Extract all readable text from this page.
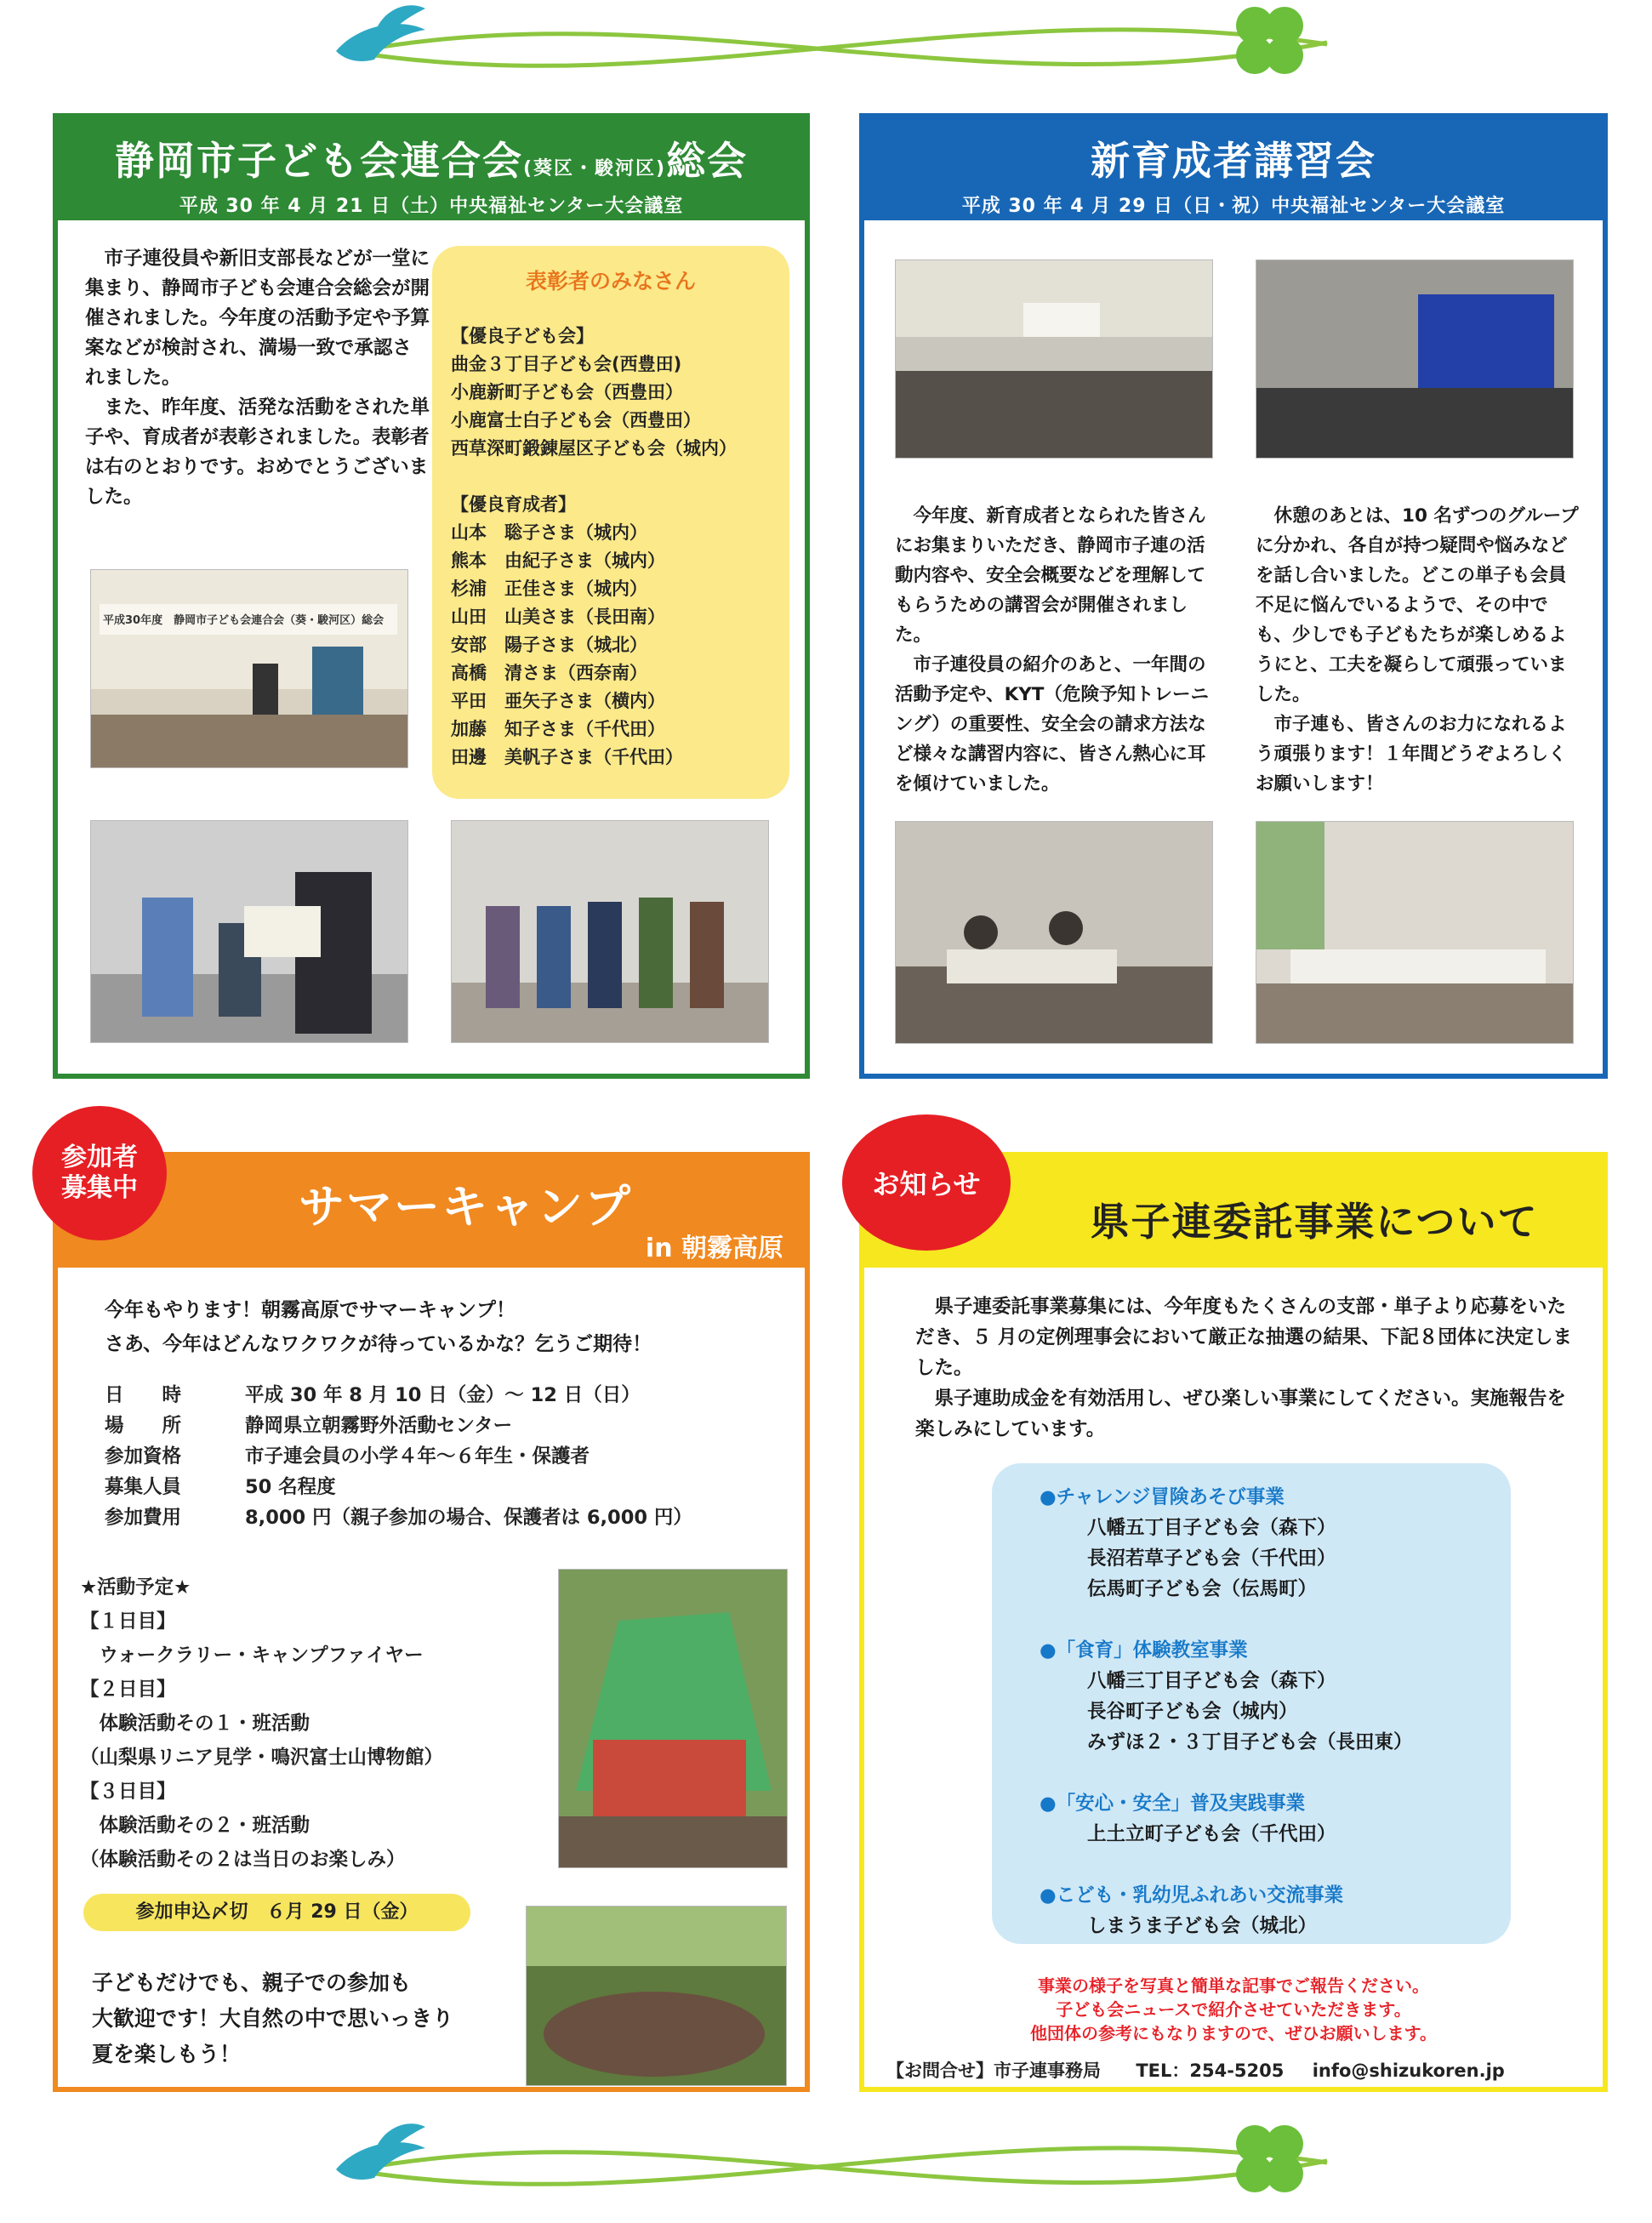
静岡市子ども会連合会(葵区・駿河区)総会
平成 30 年 4 月 21 日（土）中央福祉センター大会議室
　市子連役員や新旧支部長などが一堂に集まり、静岡市子ども会連合会総会が開催されました。今年度の活動予定や予算案などが検討され、満場一致で承認されました。
　また、昨年度、活発な活動をされた単子や、育成者が表彰されました。表彰者は右のとおりです。おめでとうございました。
表彰者のみなさん
【優良子ども会】
曲金３丁目子ども会(西豊田)
小鹿新町子ども会（西豊田）
小鹿富士白子ども会（西豊田）
西草深町鍛錬屋区子ども会（城内）
【優良育成者】
山本　聡子さま（城内）
熊本　由紀子さま（城内）
杉浦　正佳さま（城内）
山田　山美さま（長田南）
安部　陽子さま（城北）
高橋　清さま（西奈南）
平田　亜矢子さま（横内）
加藤　知子さま（千代田）
田邊　美帆子さま（千代田）
平成30年度　静岡市子ども会連合会（葵・駿河区）総会
新育成者講習会
平成 30 年 4 月 29 日（日・祝）中央福祉センター大会議室
　今年度、新育成者となられた皆さんにお集まりいただき、静岡市子連の活動内容や、安全会概要などを理解してもらうための講習会が開催されました。
　市子連役員の紹介のあと、一年間の活動予定や、KYT（危険予知トレーニング）の重要性、安全会の請求方法など様々な講習内容に、皆さん熱心に耳を傾けていました。
　休憩のあとは、10 名ずつのグループに分かれ、各自が持つ疑問や悩みなどを話し合いました。どこの単子も会員不足に悩んでいるようで、その中でも、少しでも子どもたちが楽しめるようにと、工夫を凝らして頑張っていました。
　市子連も、皆さんのお力になれるよう頑張ります！１年間どうぞよろしくお願いします！
サマーキャンプ
in 朝霧高原
今年もやります！朝霧高原でサマーキャンプ！
さあ、今年はどんなワクワクが待っているかな？乞うご期待！
日　　時	平成 30 年 8 月 10 日（金）～ 12 日（日）
場　　所	静岡県立朝霧野外活動センター
参加資格	市子連会員の小学４年～６年生・保護者
募集人員	50 名程度
参加費用	8,000 円（親子参加の場合、保護者は 6,000 円）
★活動予定★
【１日目】
　ウォークラリー・キャンプファイヤー
【２日目】
　体験活動その１・班活動
（山梨県リニア見学・鳴沢富士山博物館）
【３日目】
　体験活動その２・班活動
（体験活動その２は当日のお楽しみ）
参加申込〆切　６月 29 日（金）
子どもだけでも、親子での参加も
大歓迎です！大自然の中で思いっきり
夏を楽しもう！
参加者
募集中
県子連委託事業について
　県子連委託事業募集には、今年度もたくさんの支部・単子より応募をいただき、５ 月の定例理事会において厳正な抽選の結果、下記８団体に決定しました。
　県子連助成金を有効活用し、ぜひ楽しい事業にしてください。実施報告を楽しみにしています。
●チャレンジ冒険あそび事業
八幡五丁目子ども会（森下）
長沼若草子ども会（千代田）
伝馬町子ども会（伝馬町）
●「食育」体験教室事業
八幡三丁目子ども会（森下）
長谷町子ども会（城内）
みずほ２・３丁目子ども会（長田東）
●「安心・安全」普及実践事業
上土立町子ども会（千代田）
●こども・乳幼児ふれあい交流事業
しまうま子ども会（城北）
事業の様子を写真と簡単な記事でご報告ください。
子ども会ニュースで紹介させていただきます。
他団体の参考にもなりますので、ぜひお願いします。
【お問合せ】市子連事務局 TEL：254-5205 info@shizukoren.jp
お知らせ
